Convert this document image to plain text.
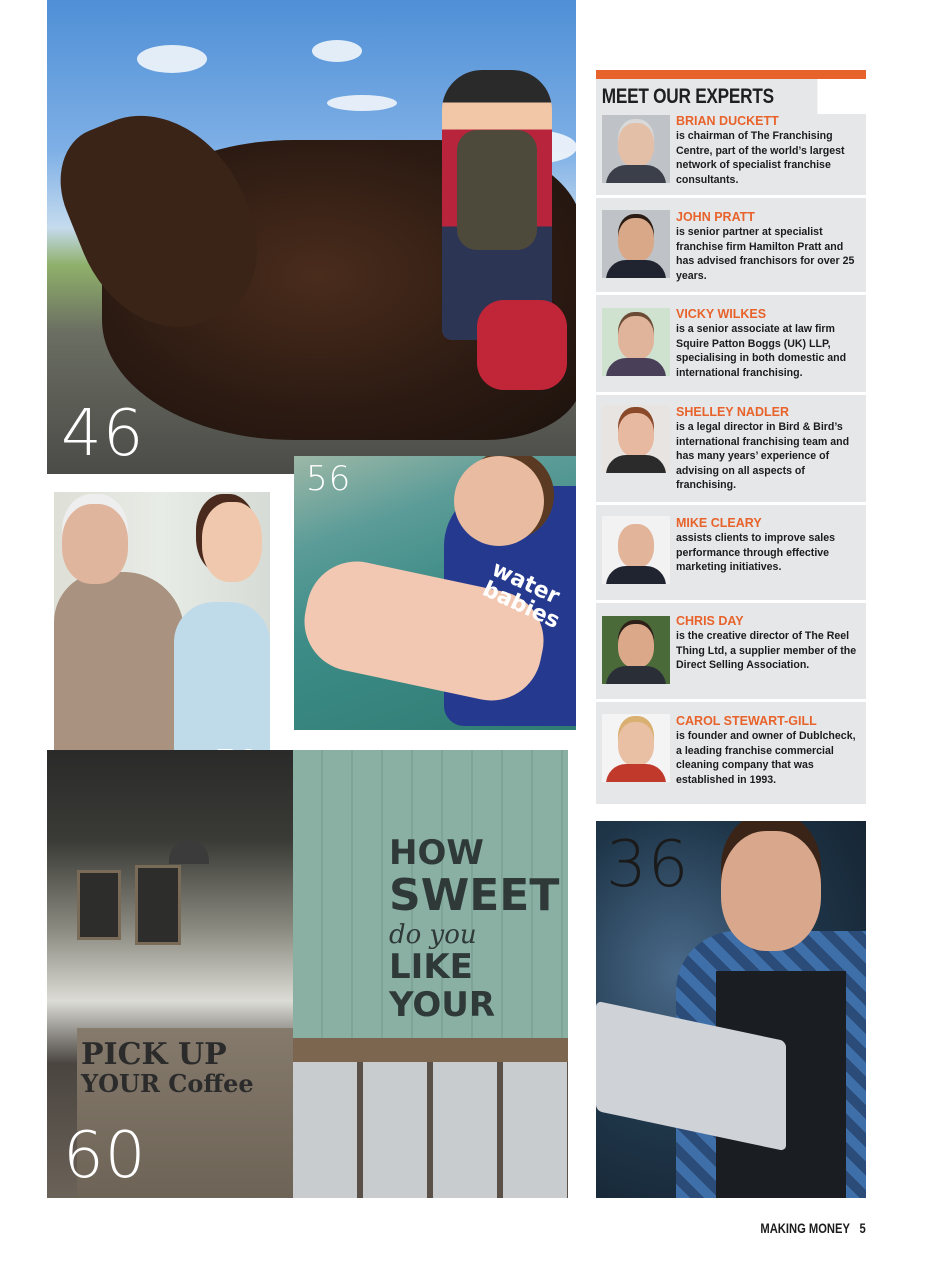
46
water babies
56
PICK UP
YOUR Coffee
HOW
SWEET
do you
LIKE YOUR
60
36
MEET OUR EXPERTS
BRIAN DUCKETT
is chairman of The Franchising Centre, part of the world’s largest network of specialist franchise consultants.
JOHN PRATT
is senior partner at specialist franchise firm Hamilton Pratt and has advised franchisors for over 25 years.
VICKY WILKES
is a senior associate at law firm Squire Patton Boggs (UK) LLP, specialising in both domestic and international franchising.
SHELLEY NADLER
is a legal director in Bird & Bird’s international franchising team and has many years’ experience of advising on all aspects of franchising.
MIKE CLEARY
assists clients to improve sales performance through effective marketing initiatives.
CHRIS DAY
is the creative director of The Reel Thing Ltd, a supplier member of the Direct Selling Association.
CAROL STEWART-GILL
is founder and owner of Dublcheck, a leading franchise commercial cleaning company that was established in 1993.
MAKING MONEY 5
